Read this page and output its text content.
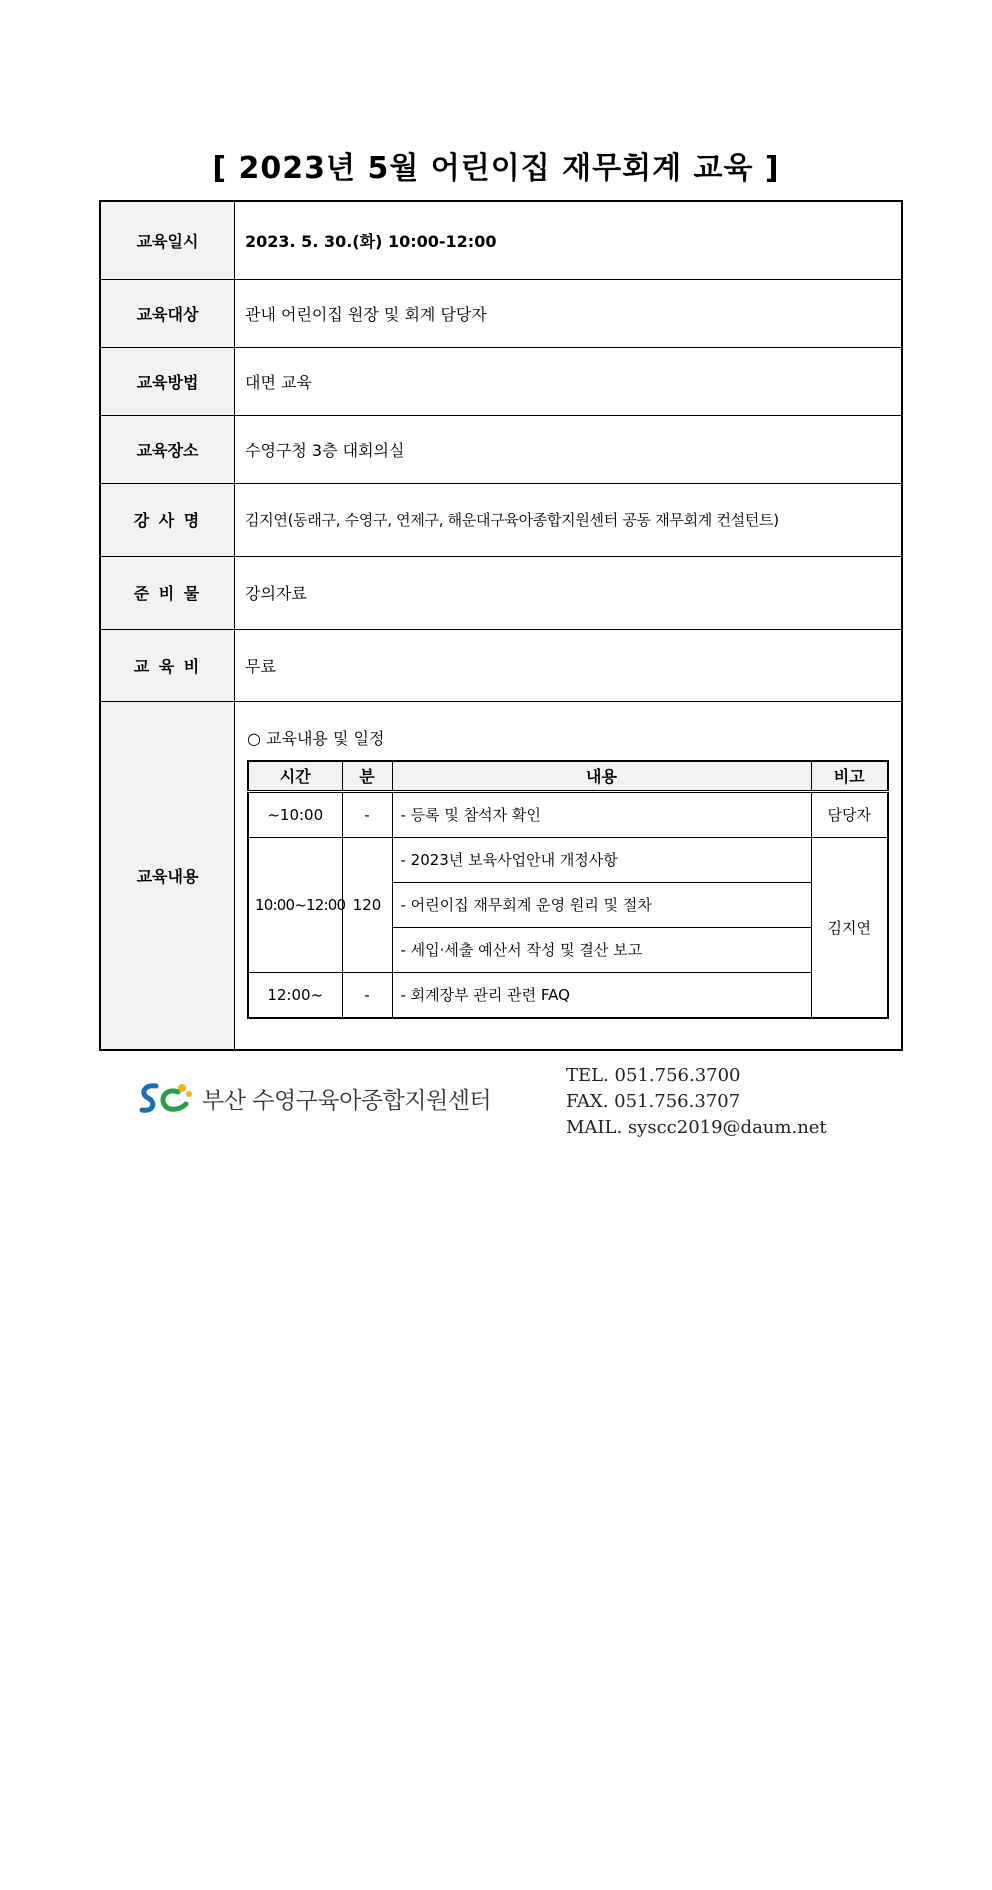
[ 2023년 5월 어린이집 재무회계 교육 ]
교육일시	2023. 5. 30.(화) 10:00-12:00
교육대상	관내 어린이집 원장 및 회계 담당자
교육방법	대면 교육
교육장소	수영구청 3층 대회의실
강 사 명	김지연(동래구, 수영구, 연제구, 해운대구육아종합지원센터 공동 재무회계 컨설턴트)
준 비 물	강의자료
교 육 비	무료
교육내용	
○ 교육내용 및 일정
시간	분	내용	비고
~10:00	-	- 등록 및 참석자 확인	담당자
10:00~12:00	120	- 2023년 보육사업안내 개정사항	김지연
- 어린이집 재무회계 운영 원리 및 절차
- 세입·세출 예산서 작성 및 결산 보고
12:00~	-	- 회계장부 관리 관련 FAQ
부산 수영구육아종합지원센터
TEL. 051.756.3700
FAX. 051.756.3707
MAIL. syscc2019@daum.net
